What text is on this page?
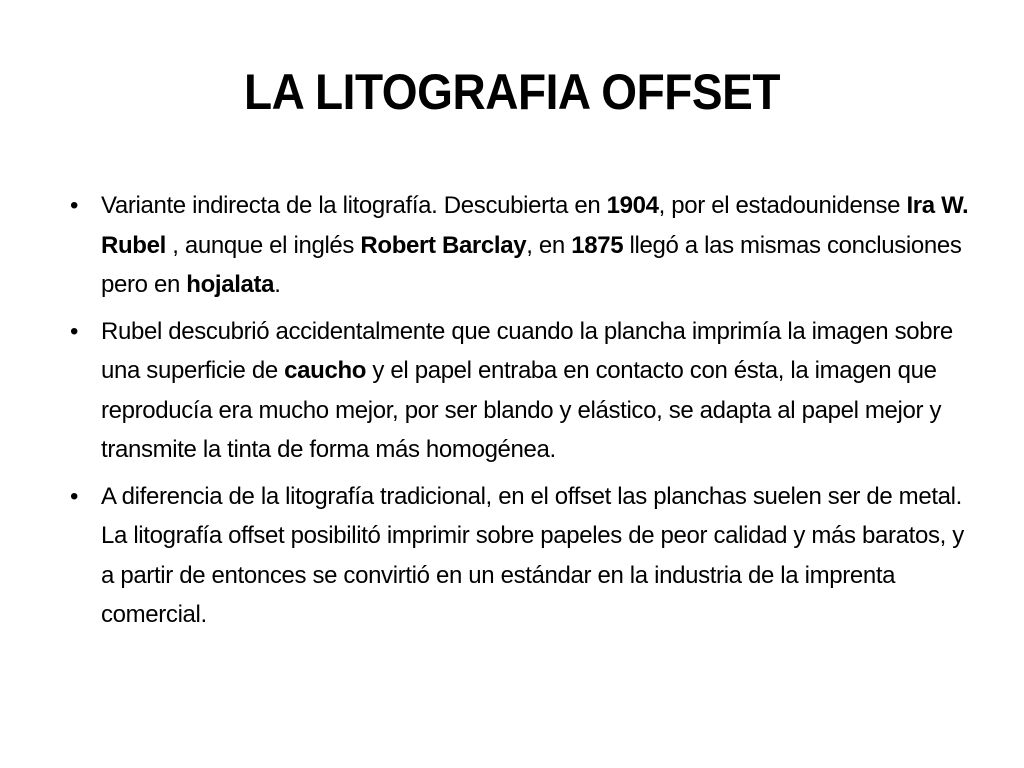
LA LITOGRAFIA OFFSET
• Variante indirecta de la litografía. Descubierta en 1904, por el estadounidense Ira W. Rubel , aunque el inglés Robert Barclay, en 1875 llegó a las mismas conclusiones pero en hojalata.
• Rubel descubrió accidentalmente que cuando la plancha imprimía la imagen sobre una superficie de caucho y el papel entraba en contacto con ésta, la imagen que reproducía era mucho mejor, por ser blando y elástico, se adapta al papel mejor y transmite la tinta de forma más homogénea.
• A diferencia de la litografía tradicional, en el offset las planchas suelen ser de metal. La litografía offset posibilitó imprimir sobre papeles de peor calidad y más baratos, y a partir de entonces se convirtió en un estándar en la industria de la imprenta comercial.
